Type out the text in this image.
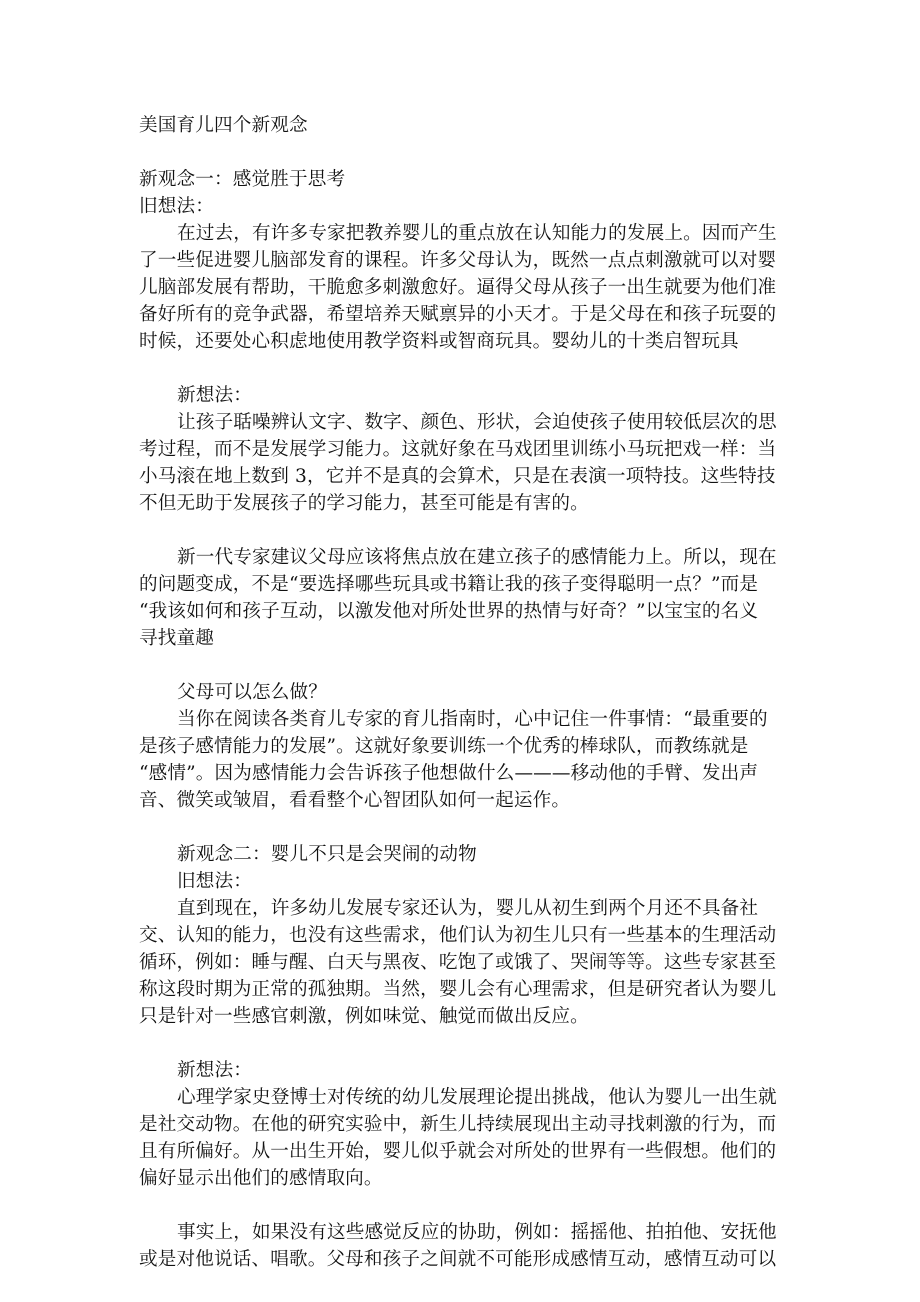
美国育儿四个新观念
新观念一：感觉胜于思考
旧想法：
在过去，有许多专家把教养婴儿的重点放在认知能力的发展上。因而产生
了一些促进婴儿脑部发育的课程。许多父母认为，既然一点点刺激就可以对婴
儿脑部发展有帮助，干脆愈多刺激愈好。逼得父母从孩子一出生就要为他们准
备好所有的竞争武器，希望培养天赋禀异的小天才。于是父母在和孩子玩耍的
时候，还要处心积虑地使用教学资料或智商玩具。婴幼儿的十类启智玩具
新想法：
让孩子聒噪辨认文字、数字、颜色、形状，会迫使孩子使用较低层次的思
考过程，而不是发展学习能力。这就好象在马戏团里训练小马玩把戏一样：当
小马滚在地上数到 3，它并不是真的会算术，只是在表演一项特技。这些特技
不但无助于发展孩子的学习能力，甚至可能是有害的。
新一代专家建议父母应该将焦点放在建立孩子的感情能力上。所以，现在
的问题变成，不是“要选择哪些玩具或书籍让我的孩子变得聪明一点？”而是
“我该如何和孩子互动，以激发他对所处世界的热情与好奇？”以宝宝的名义
寻找童趣
父母可以怎么做？
当你在阅读各类育儿专家的育儿指南时，心中记住一件事情：“最重要的
是孩子感情能力的发展”。这就好象要训练一个优秀的棒球队，而教练就是
“感情”。因为感情能力会告诉孩子他想做什么———移动他的手臂、发出声
音、微笑或皱眉，看看整个心智团队如何一起运作。
新观念二：婴儿不只是会哭闹的动物
旧想法：
直到现在，许多幼儿发展专家还认为，婴儿从初生到两个月还不具备社
交、认知的能力，也没有这些需求，他们认为初生儿只有一些基本的生理活动
循环，例如：睡与醒、白天与黑夜、吃饱了或饿了、哭闹等等。这些专家甚至
称这段时期为正常的孤独期。当然，婴儿会有心理需求，但是研究者认为婴儿
只是针对一些感官刺激，例如味觉、触觉而做出反应。
新想法：
心理学家史登博士对传统的幼儿发展理论提出挑战，他认为婴儿一出生就
是社交动物。在他的研究实验中，新生儿持续展现出主动寻找刺激的行为，而
且有所偏好。从一出生开始，婴儿似乎就会对所处的世界有一些假想。他们的
偏好显示出他们的感情取向。
事实上，如果没有这些感觉反应的协助，例如：摇摇他、拍拍他、安抚他
或是对他说话、唱歌。父母和孩子之间就不可能形成感情互动，感情互动可以
